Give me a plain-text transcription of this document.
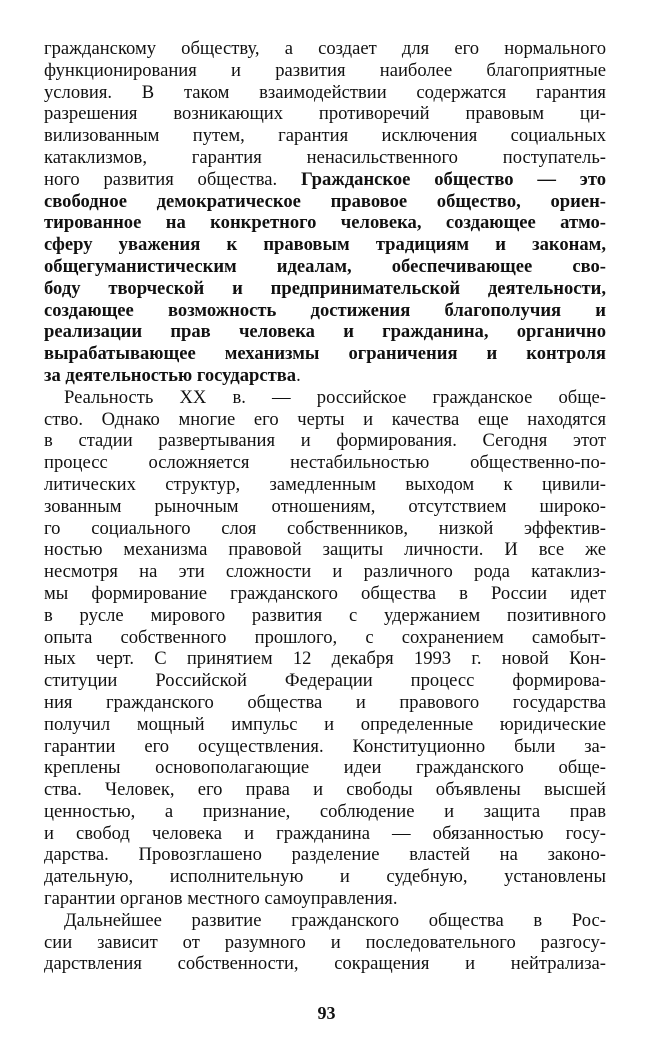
гражданскому обществу, а создает для его нормального
функционирования и развития наиболее благоприятные
условия. В таком взаимодействии содержатся гарантия
разрешения возникающих противоречий правовым ци-
вилизованным путем, гарантия исключения социальных
катаклизмов, гарантия ненасильственного поступатель-
ного развития общества. Гражданское общество — это
свободное демократическое правовое общество, ориен-
тированное на конкретного человека, создающее атмо-
сферу уважения к правовым традициям и законам,
общегуманистическим идеалам, обеспечивающее сво-
боду творческой и предпринимательской деятельности,
создающее возможность достижения благополучия и
реализации прав человека и гражданина, органично
вырабатывающее механизмы ограничения и контроля
за деятельностью государства.
Реальность XX в. — российское гражданское обще-
ство. Однако многие его черты и качества еще находятся
в стадии развертывания и формирования. Сегодня этот
процесс осложняется нестабильностью общественно-по-
литических структур, замедленным выходом к цивили-
зованным рыночным отношениям, отсутствием широко-
го социального слоя собственников, низкой эффектив-
ностью механизма правовой защиты личности. И все же
несмотря на эти сложности и различного рода катаклиз-
мы формирование гражданского общества в России идет
в русле мирового развития с удержанием позитивного
опыта собственного прошлого, с сохранением самобыт-
ных черт. С принятием 12 декабря 1993 г. новой Кон-
ституции Российской Федерации процесс формирова-
ния гражданского общества и правового государства
получил мощный импульс и определенные юридические
гарантии его осуществления. Конституционно были за-
креплены основополагающие идеи гражданского обще-
ства. Человек, его права и свободы объявлены высшей
ценностью, а признание, соблюдение и защита прав
и свобод человека и гражданина — обязанностью госу-
дарства. Провозглашено разделение властей на законо-
дательную, исполнительную и судебную, установлены
гарантии органов местного самоуправления.
Дальнейшее развитие гражданского общества в Рос-
сии зависит от разумного и последовательного разгосу-
дарствления собственности, сокращения и нейтрализа-
93
